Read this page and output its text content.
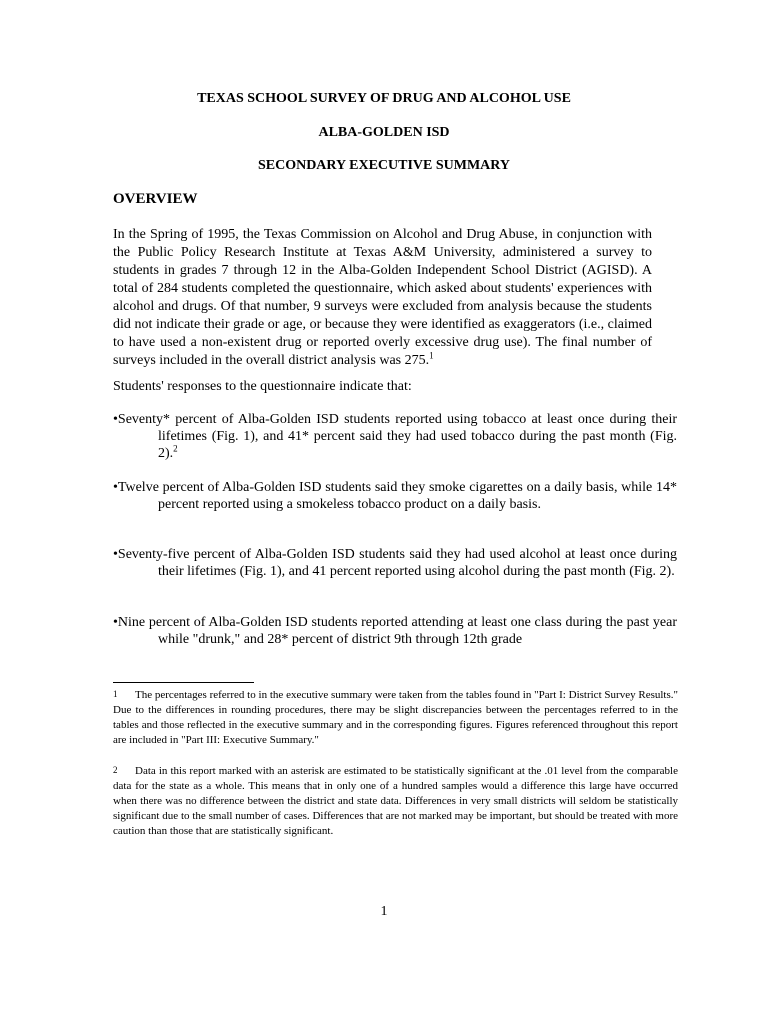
TEXAS SCHOOL SURVEY OF DRUG AND ALCOHOL USE
ALBA-GOLDEN ISD
SECONDARY EXECUTIVE SUMMARY
OVERVIEW
In the Spring of 1995, the Texas Commission on Alcohol and Drug Abuse, in conjunction with the Public Policy Research Institute at Texas A&M University, administered a survey to students in grades 7 through 12 in the Alba-Golden Independent School District (AGISD). A total of 284 students completed the questionnaire, which asked about students' experiences with alcohol and drugs. Of that number, 9 surveys were excluded from analysis because the students did not indicate their grade or age, or because they were identified as exaggerators (i.e., claimed to have used a non-existent drug or reported overly excessive drug use). The final number of surveys included in the overall district analysis was 275.$^1$
Students' responses to the questionnaire indicate that:
•Seventy* percent of Alba-Golden ISD students reported using tobacco at least once during their lifetimes (Fig. 1), and 41* percent said they had used tobacco during the past month (Fig. 2).$^2$
•Twelve percent of Alba-Golden ISD students said they smoke cigarettes on a daily basis, while 14* percent reported using a smokeless tobacco product on a daily basis.
•Seventy-five percent of Alba-Golden ISD students said they had used alcohol at least once during their lifetimes (Fig. 1), and 41 percent reported using alcohol during the past month (Fig. 2).
•Nine percent of Alba-Golden ISD students reported attending at least one class during the past year while "drunk," and 28* percent of district 9th through 12th grade
1 The percentages referred to in the executive summary were taken from the tables found in "Part I: District Survey Results." Due to the differences in rounding procedures, there may be slight discrepancies between the percentages referred to in the tables and those reflected in the executive summary and in the corresponding figures. Figures referenced throughout this report are included in "Part III: Executive Summary."
2 Data in this report marked with an asterisk are estimated to be statistically significant at the .01 level from the comparable data for the state as a whole. This means that in only one of a hundred samples would a difference this large have occurred when there was no difference between the district and state data. Differences in very small districts will seldom be statistically significant due to the small number of cases. Differences that are not marked may be important, but should be treated with more caution than those that are statistically significant.
1
